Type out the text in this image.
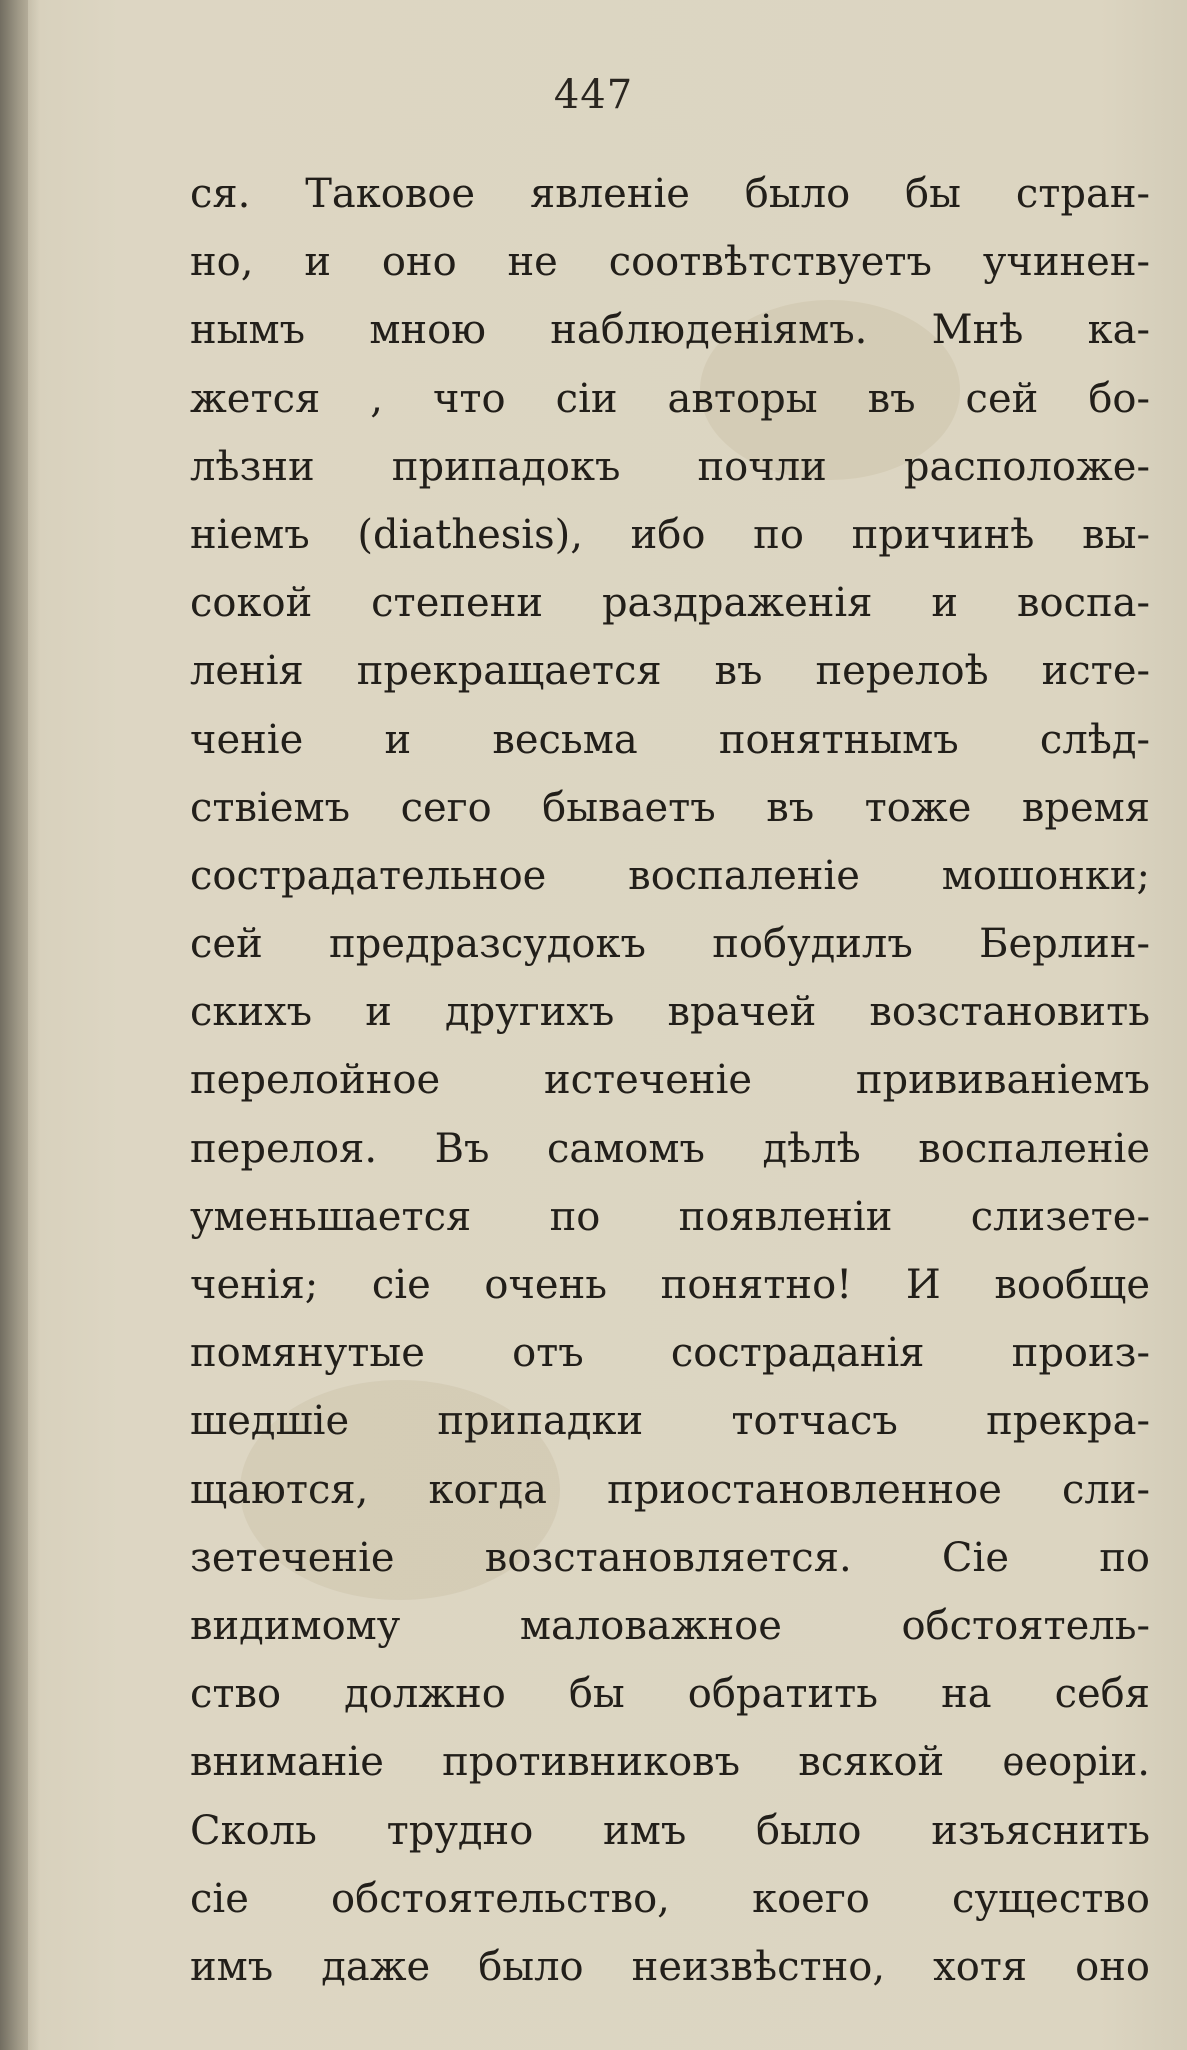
447
ся. Таковое явленіе было бы стран-
но, и оно не соотвѣтствуетъ учинен-
нымъ мною наблюденіямъ. Мнѣ ка-
жется , что сіи авторы въ сей бо-
лѣзни припадокъ почли расположе-
ніемъ (diathesis), ибо по причинѣ вы-
сокой степени раздраженія и воспа-
ленія прекращается въ перелоѣ исте-
ченіе и весьма понятнымъ слѣд-
ствіемъ сего бываетъ въ тоже время
сострадательное воспаленіе мошонки;
сей предразсудокъ побудилъ Берлин-
скихъ и другихъ врачей возстановить
перелойное истеченіе прививаніемъ
перелоя. Въ самомъ дѣлѣ воспаленіе
уменьшается по появленіи слизете-
ченія; сіе очень понятно! И вообще
помянутые отъ состраданія произ-
шедшіе припадки тотчасъ прекра-
щаются, когда приостановленное сли-
зетеченіе возстановляется. Сіе по
видимому маловажное обстоятель-
ство должно бы обратить на себя
вниманіе противниковъ всякой ѳеоріи.
Сколь трудно имъ было изъяснить
сіе обстоятельство, коего существо
имъ даже было неизвѣстно, хотя оно
